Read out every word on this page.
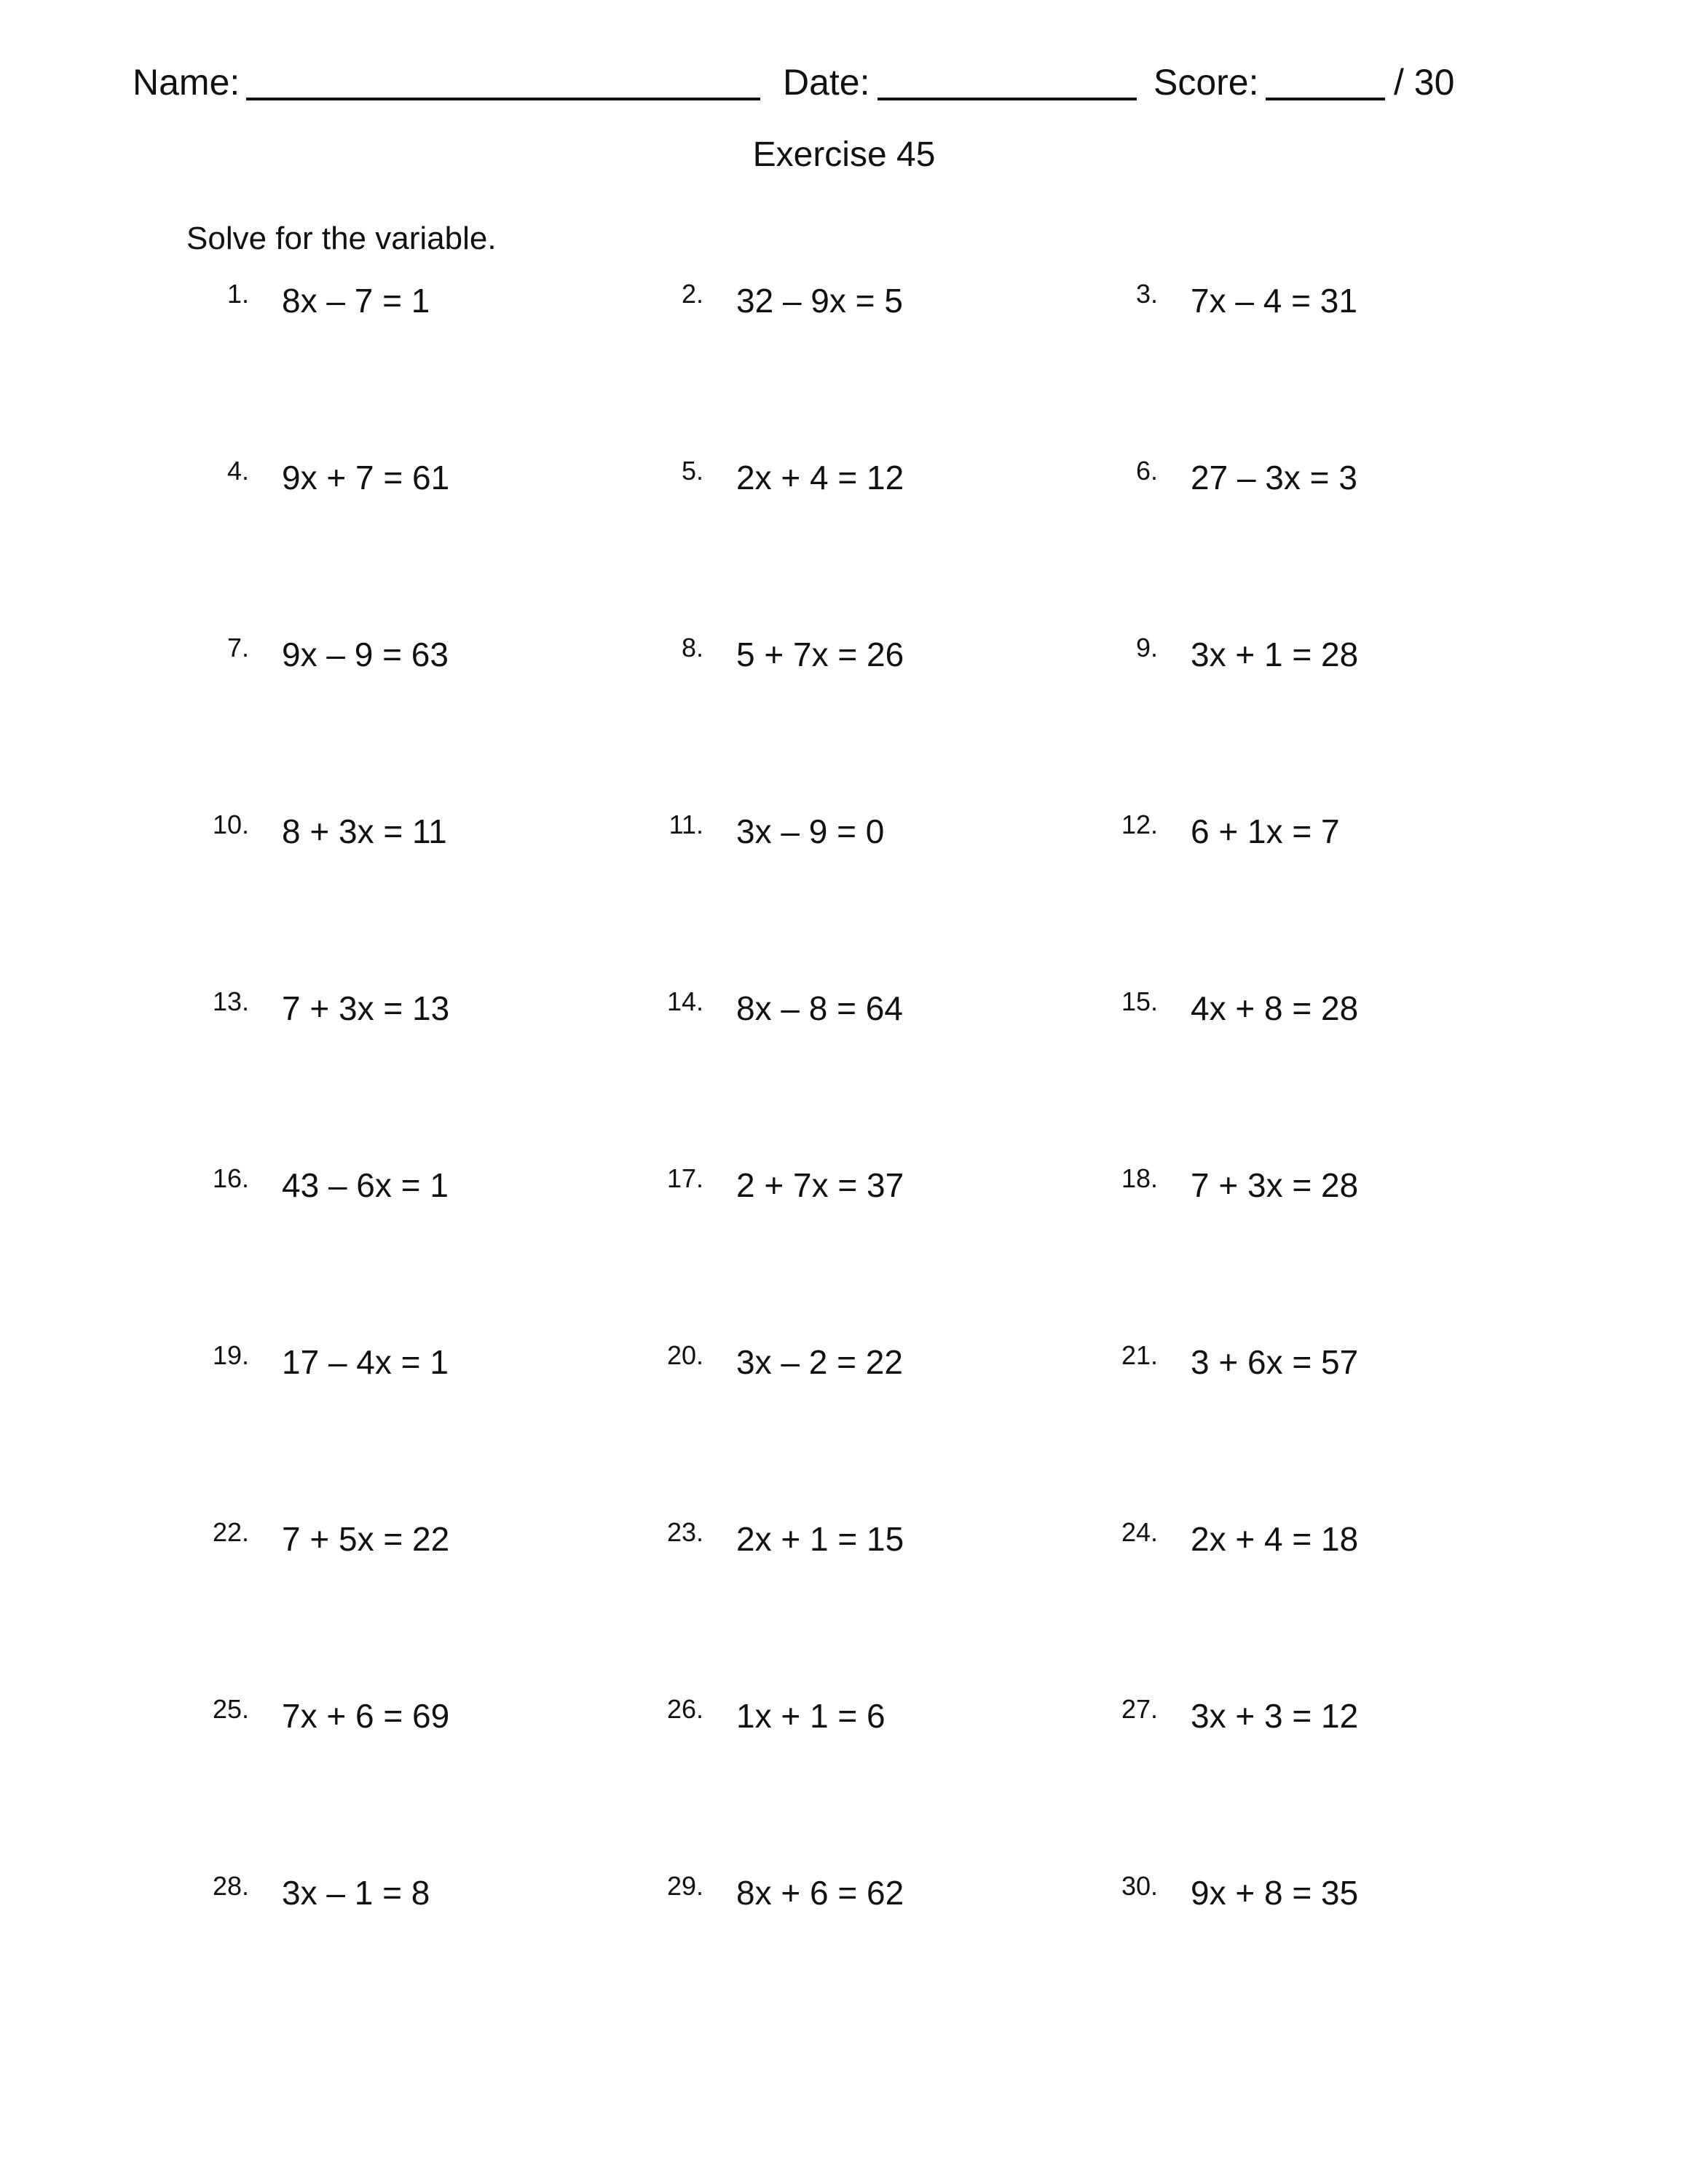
Name:	Date:	Score:	/ 30
Exercise 45
Solve for the variable.
1. 8x – 7 = 1	2. 32 – 9x = 5	3. 7x – 4 = 31
4. 9x + 7 = 61	5. 2x + 4 = 12	6. 27 – 3x = 3
7. 9x – 9 = 63	8. 5 + 7x = 26	9. 3x + 1 = 28
10. 8 + 3x = 11	11. 3x – 9 = 0	12. 6 + 1x = 7
13. 7 + 3x = 13	14. 8x – 8 = 64	15. 4x + 8 = 28
16. 43 – 6x = 1	17. 2 + 7x = 37	18. 7 + 3x = 28
19. 17 – 4x = 1	20. 3x – 2 = 22	21. 3 + 6x = 57
22. 7 + 5x = 22	23. 2x + 1 = 15	24. 2x + 4 = 18
25. 7x + 6 = 69	26. 1x + 1 = 6	27. 3x + 3 = 12
28. 3x – 1 = 8	29. 8x + 6 = 62	30. 9x + 8 = 35
